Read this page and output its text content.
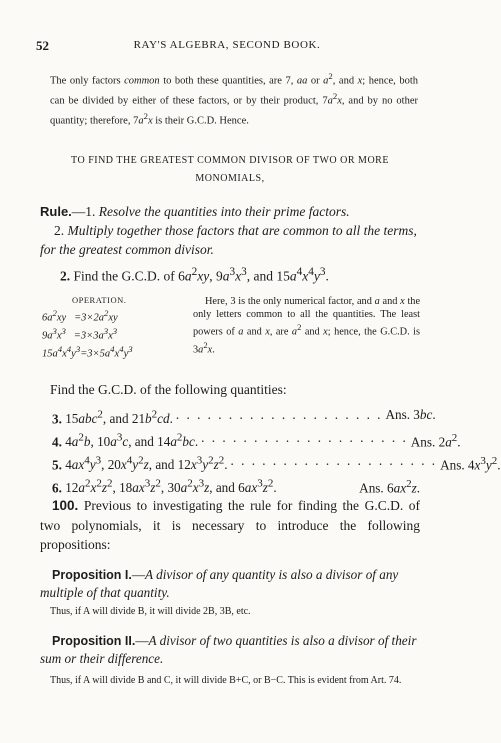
52	RAY'S ALGEBRA, SECOND BOOK.
The only factors common to both these quantities, are 7, aa or $a^2$, and x; hence, both can be divided by either of these factors, or by their product, $7a^2x$, and by no other quantity; therefore, $7a^2x$ is their G.C.D. Hence.
TO FIND THE GREATEST COMMON DIVISOR OF TWO OR MORE MONOMIALS,
Rule.—1. Resolve the quantities into their prime factors.
2. Multiply together those factors that are common to all the terms, for the greatest common divisor.
2. Find the G.C.D. of $6a^2xy$, $9a^3x^3$, and $15a^4x^4y^3$.
OPERATION.
$6a^2xy =3\times 2a^2xy$
$9a^3x^3 =3\times 3a^3x^3$
$15a^4x^4y^3=3\times 5a^4x^4y^3$
Here, 3 is the only numerical factor, and a and x the only letters common to all the quantities. The least powers of a and x, are $a^2$ and x; hence, the G.C.D. is $3a^2x$.
Find the G.C.D. of the following quantities:
3. 15abc$^2$, and $21b^2cd$. . . . . . . . . . . . . . . . . . . . . Ans. 3bc.
4. $4a^2b$, $10a^3c$, and $14a^2bc$. . . . . . . . . . . . . . . . . . . . . Ans. $2a^2$.
5. $4ax^4y^3$, $20x^4y^2z$, and $12x^3y^2z^2$. . . . . . . . . . . . . . . . . . . . . Ans. $4x^3y^2$.
6. $12a^2x^2z^2$, $18ax^3z^2$, $30a^2x^3z$, and $6ax^3z^2$.	Ans. $6ax^2z$.
100. Previous to investigating the rule for finding the G.C.D. of two polynomials, it is necessary to introduce the following propositions:
Proposition I.—A divisor of any quantity is also a divisor of any multiple of that quantity.
Thus, if A will divide B, it will divide 2B, 3B, etc.
Proposition II.—A divisor of two quantities is also a divisor of their sum or their difference.
Thus, if A will divide B and C, it will divide B+C, or B−C. This is evident from Art. 74.
